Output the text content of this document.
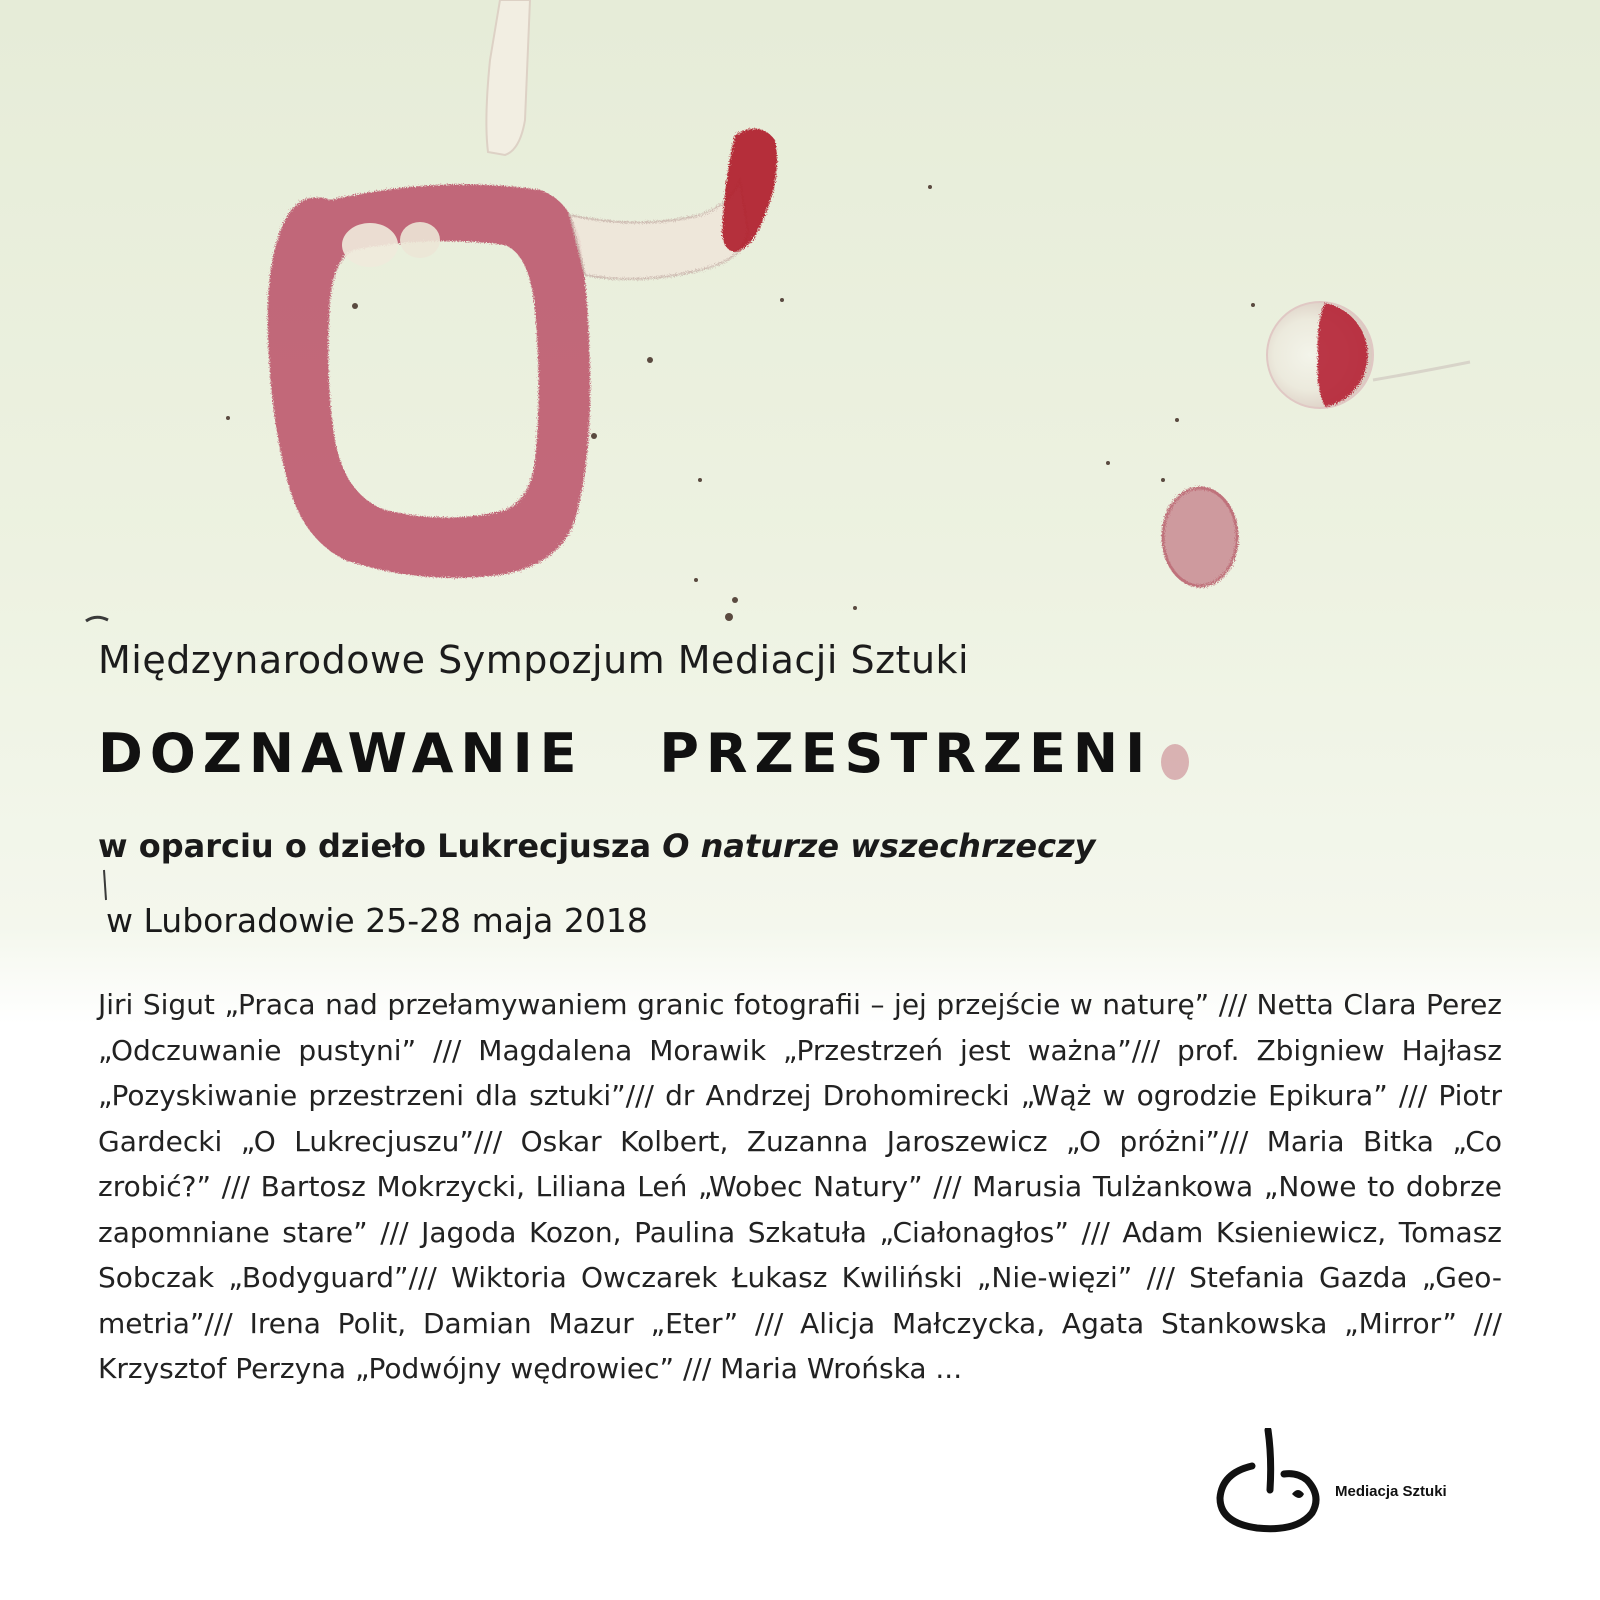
Międzynarodowe Sympozjum Mediacji Sztuki
DOZNAWANIE PRZESTRZENI
w oparciu o dzieło Lukrecjusza O naturze wszechrzeczy
w Luboradowie 25-28 maja 2018
Jiri Sigut „Praca nad przełamywaniem granic fotografii – jej przejście w naturę” /// Netta Clara Perez „Odczuwanie pustyni” /// Magdalena Morawik „Przestrzeń jest ważna”/// prof. Zbigniew Hajłasz „Pozyskiwanie przestrzeni dla sztuki”/// dr Andrzej Drohomirecki „Wąż w ogrodzie Epikura” /// Piotr Gardecki „O Lukrecjuszu”/// Oskar Kolbert, Zuzanna Jaroszewicz „O próżni”/// Maria Bitka „Co zrobić?” /// Bartosz Mokrzycki, Liliana Leń „Wobec Natury” /// Marusia Tulżankowa „Nowe to dobrze zapomniane stare” /// Jagoda Kozon, Paulina Szkatuła „Ciałonagłos” /// Adam Ksieniewicz, Tomasz Sobczak „Bodyguard”/// Wiktoria Owczarek Łukasz Kwiliński „Nie-więzi” /// Stefania Gazda „Geo-metria”/// Irena Polit, Damian Mazur „Eter” /// Alicja Małczycka, Agata Stankowska „Mirror” /// Krzysztof Perzyna „Podwójny wędrowiec” /// Maria Wrońska ...
Mediacja Sztuki
